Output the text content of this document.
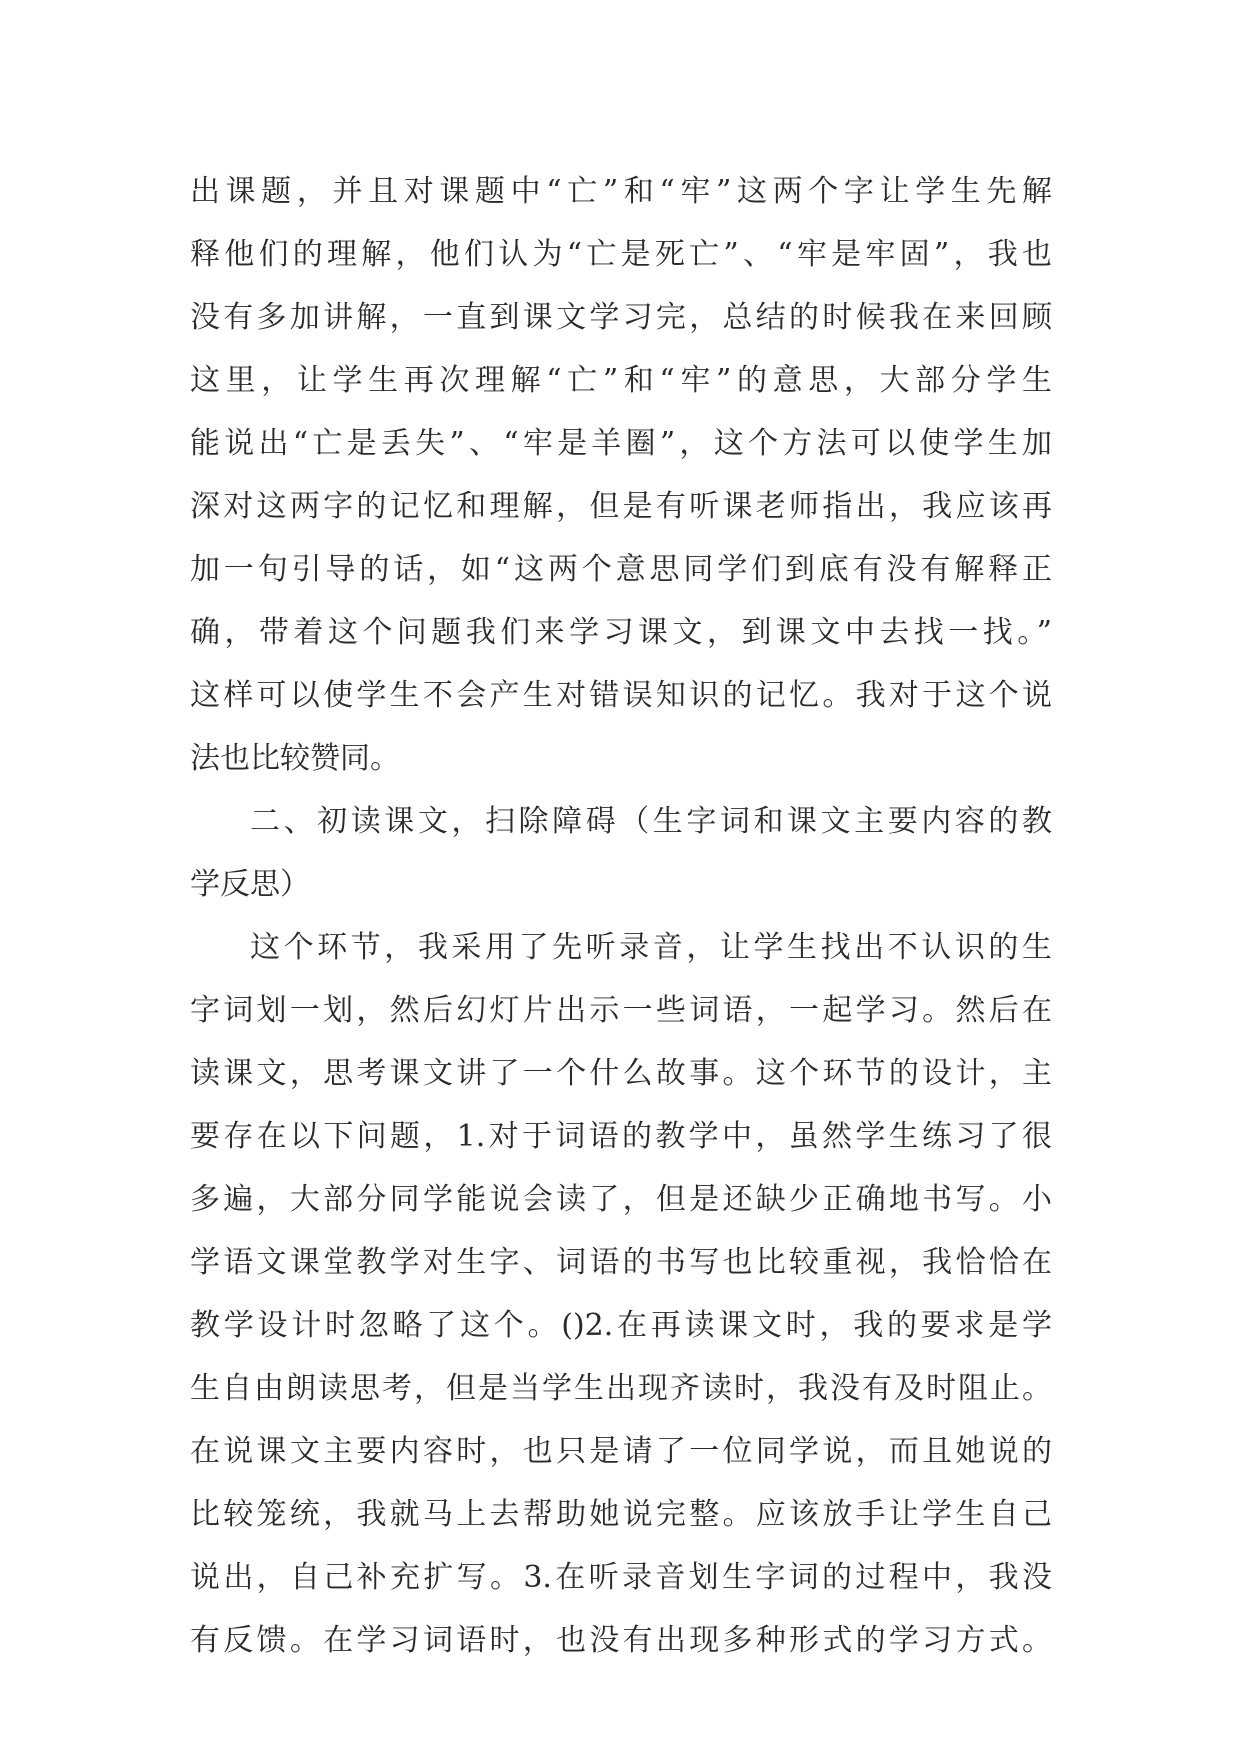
出课题，并且对课题中“亡”和“牢”这两个字让学生先解
释他们的理解，他们认为“亡是死亡”、“牢是牢固”，我也
没有多加讲解，一直到课文学习完，总结的时候我在来回顾
这里，让学生再次理解“亡”和“牢”的意思，大部分学生
能说出“亡是丢失”、“牢是羊圈”，这个方法可以使学生加
深对这两字的记忆和理解，但是有听课老师指出，我应该再
加一句引导的话，如“这两个意思同学们到底有没有解释正
确，带着这个问题我们来学习课文，到课文中去找一找。”
这样可以使学生不会产生对错误知识的记忆。我对于这个说
法也比较赞同。
二、初读课文，扫除障碍（生字词和课文主要内容的教
学反思）
这个环节，我采用了先听录音，让学生找出不认识的生
字词划一划，然后幻灯片出示一些词语，一起学习。然后在
读课文，思考课文讲了一个什么故事。这个环节的设计，主
要存在以下问题，1.对于词语的教学中，虽然学生练习了很
多遍，大部分同学能说会读了，但是还缺少正确地书写。小
学语文课堂教学对生字、词语的书写也比较重视，我恰恰在
教学设计时忽略了这个。()2.在再读课文时，我的要求是学
生自由朗读思考，但是当学生出现齐读时，我没有及时阻止。
在说课文主要内容时，也只是请了一位同学说，而且她说的
比较笼统，我就马上去帮助她说完整。应该放手让学生自己
说出，自己补充扩写。3.在听录音划生字词的过程中，我没
有反馈。在学习词语时，也没有出现多种形式的学习方式。
